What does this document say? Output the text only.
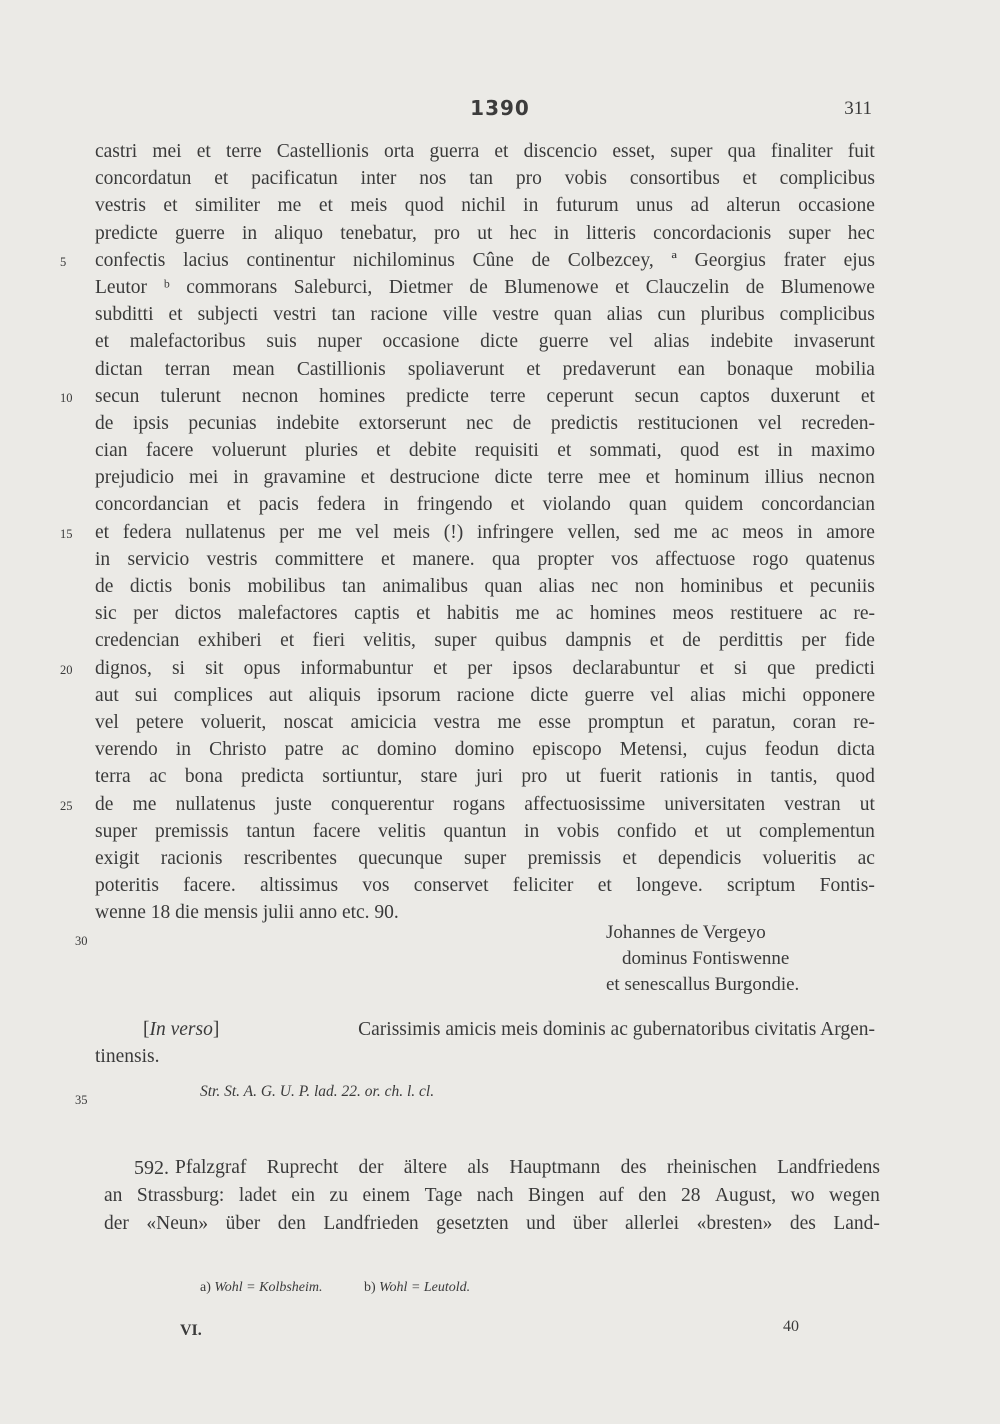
1390	311
castri mei et terre Castellionis orta guerra et discencio esset, super qua finaliter fuit
concordatun et pacificatun inter nos tan pro vobis consortibus et complicibus
vestris et similiter me et meis quod nichil in futurum unus ad alterun occasione
predicte guerre in aliquo tenebatur, pro ut hec in litteris concordacionis super hec
confectis lacius continentur nichilominus Cûne de Colbezcey, ª Georgius frater ejus
5
Leutor ᵇ commorans Saleburci, Dietmer de Blumenowe et Clauczelin de Blumenowe
subditti et subjecti vestri tan racione ville vestre quan alias cun pluribus complicibus
et malefactoribus suis nuper occasione dicte guerre vel alias indebite invaserunt
dictan terran mean Castillionis spoliaverunt et predaverunt ean bonaque mobilia
secun tulerunt necnon homines predicte terre ceperunt secun captos duxerunt et
10
de ipsis pecunias indebite extorserunt nec de predictis restitucionen vel recreden-
cian facere voluerunt pluries et debite requisiti et sommati, quod est in maximo
prejudicio mei in gravamine et destrucione dicte terre mee et hominum illius necnon
concordancian et pacis federa in fringendo et violando quan quidem concordancian
et federa nullatenus per me vel meis (!) infringere vellen, sed me ac meos in amore
15
in servicio vestris committere et manere. qua propter vos affectuose rogo quatenus
de dictis bonis mobilibus tan animalibus quan alias nec non hominibus et pecuniis
sic per dictos malefactores captis et habitis me ac homines meos restituere ac re-
credencian exhiberi et fieri velitis, super quibus dampnis et de perdittis per fide
dignos, si sit opus informabuntur et per ipsos declarabuntur et si que predicti
20
aut sui complices aut aliquis ipsorum racione dicte guerre vel alias michi opponere
vel petere voluerit, noscat amicicia vestra me esse promptun et paratun, coran re-
verendo in Christo patre ac domino domino episcopo Metensi, cujus feodun dicta
terra ac bona predicta sortiuntur, stare juri pro ut fuerit rationis in tantis, quod
de me nullatenus juste conquerentur rogans affectuosissime universitaten vestran ut
25
super premissis tantun facere velitis quantun in vobis confido et ut complementun
exigit racionis rescribentes quecunque super premissis et dependicis volueritis ac
poteritis facere. altissimus vos conservet feliciter et longeve. scriptum Fontis-
wenne 18 die mensis julii anno etc. 90.
30	Johannes de Vergeyo
dominus Fontiswenne
et senescallus Burgondie.
[In verso]	Carissimis amicis meis dominis ac gubernatoribus civitatis Argen-
tinensis.
35	Str. St. A. G. U. P. lad. 22. or. ch. l. cl.
592. Pfalzgraf Ruprecht der ältere als Hauptmann des rheinischen Landfriedens
an Strassburg: ladet ein zu einem Tage nach Bingen auf den 28 August, wo wegen
der «Neun» über den Landfrieden gesetzten und über allerlei «bresten» des Land-
a) Wohl = Kolbsheim.	b) Wohl = Leutold.
VI.	40
